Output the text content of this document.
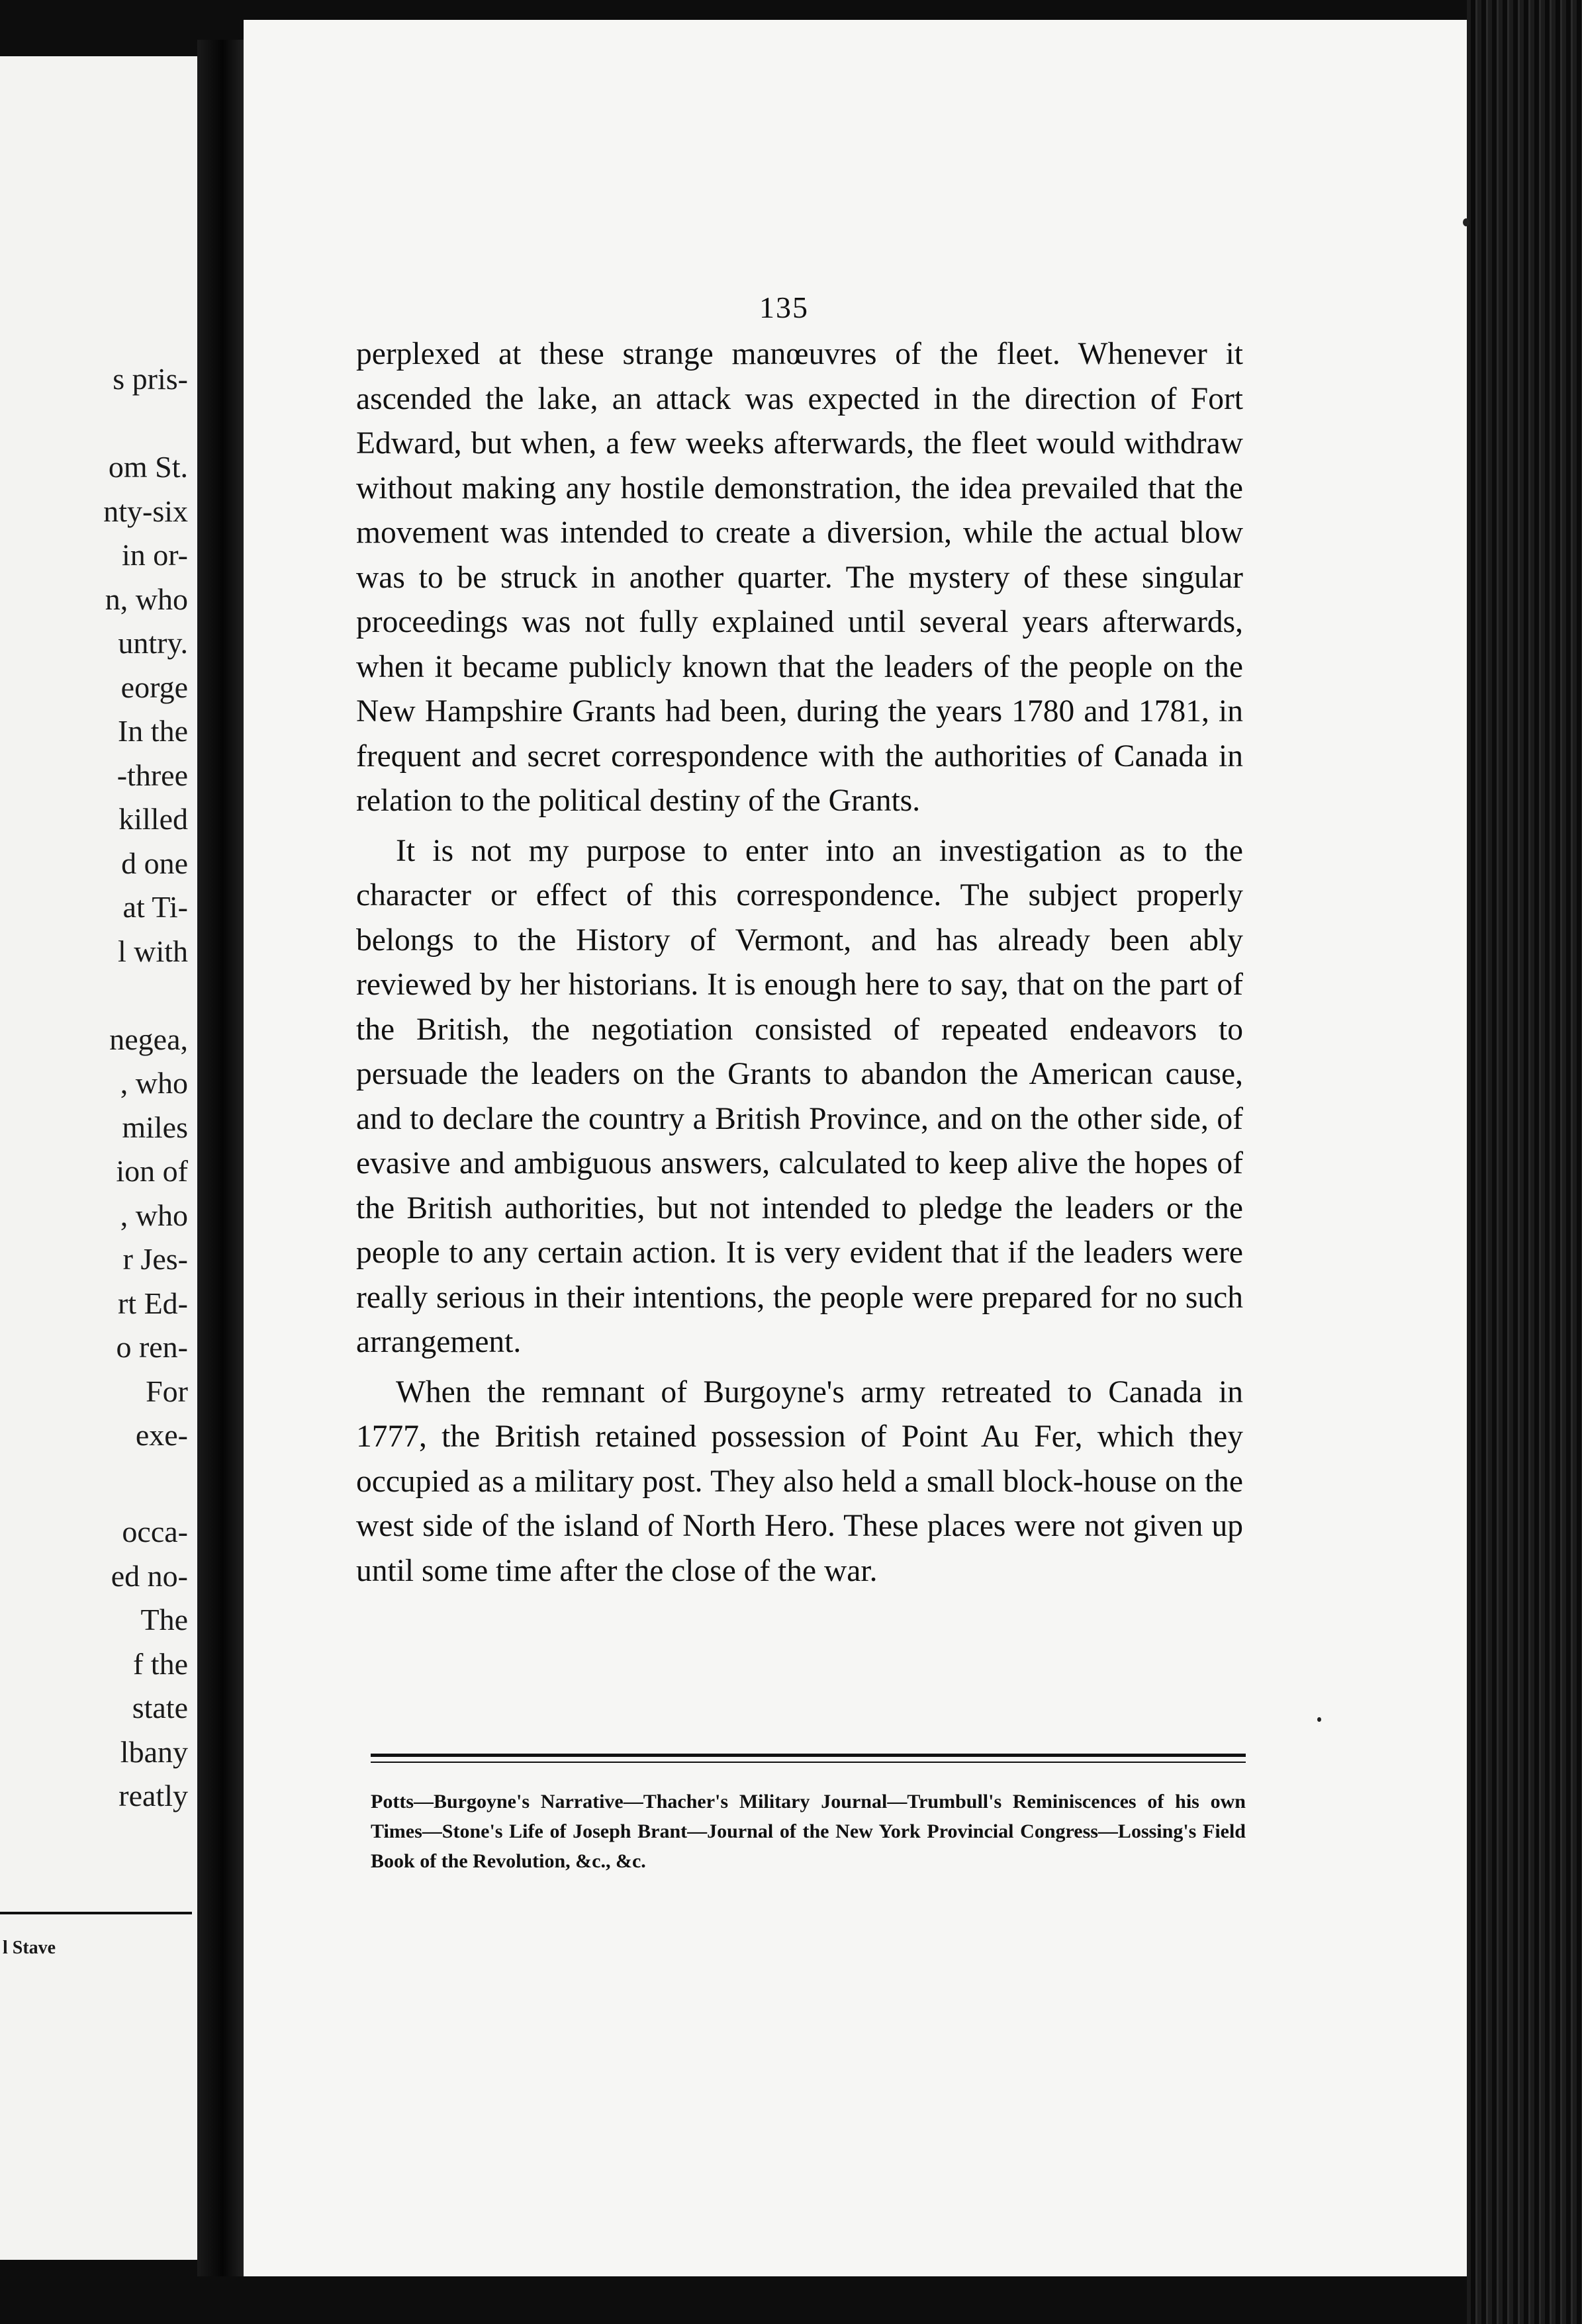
s pris-

om St.

nty-six

in or-

n, who

untry.

eorge

In the

-three

killed

d one

at Ti-

l with

negea,

, who

miles

ion of

, who

r Jes-

rt Ed-

o ren-

For

exe-

occa-

ed no-

The

f the

state

lbany

reatly

l Stave

135

perplexed at these strange manœuvres of the fleet. Whenever it ascended the lake, an attack was expected in the direction of Fort Edward, but when, a few weeks afterwards, the fleet would withdraw without making any hostile demonstration, the idea prevailed that the movement was intended to create a diversion, while the actual blow was to be struck in another quarter. The mystery of these singular proceedings was not fully explained until several years afterwards, when it became publicly known that the leaders of the people on the New Hampshire Grants had been, during the years 1780 and 1781, in frequent and secret correspondence with the authorities of Canada in relation to the political destiny of the Grants.

It is not my purpose to enter into an investigation as to the character or effect of this correspondence. The subject properly belongs to the History of Vermont, and has already been ably reviewed by her historians. It is enough here to say, that on the part of the British, the negotiation consisted of repeated endeavors to persuade the leaders on the Grants to abandon the American cause, and to declare the country a British Province, and on the other side, of evasive and ambiguous answers, calculated to keep alive the hopes of the British authorities, but not intended to pledge the leaders or the people to any certain action. It is very evident that if the leaders were really serious in their intentions, the people were prepared for no such arrangement.

When the remnant of Burgoyne's army retreated to Canada in 1777, the British retained possession of Point Au Fer, which they occupied as a military post. They also held a small block-house on the west side of the island of North Hero. These places were not given up until some time after the close of the war.

Potts—Burgoyne's Narrative—Thacher's Military Journal—Trumbull's Reminiscences of his own Times—Stone's Life of Joseph Brant—Journal of the New York Provincial Congress—Lossing's Field Book of the Revolution, &c., &c.
